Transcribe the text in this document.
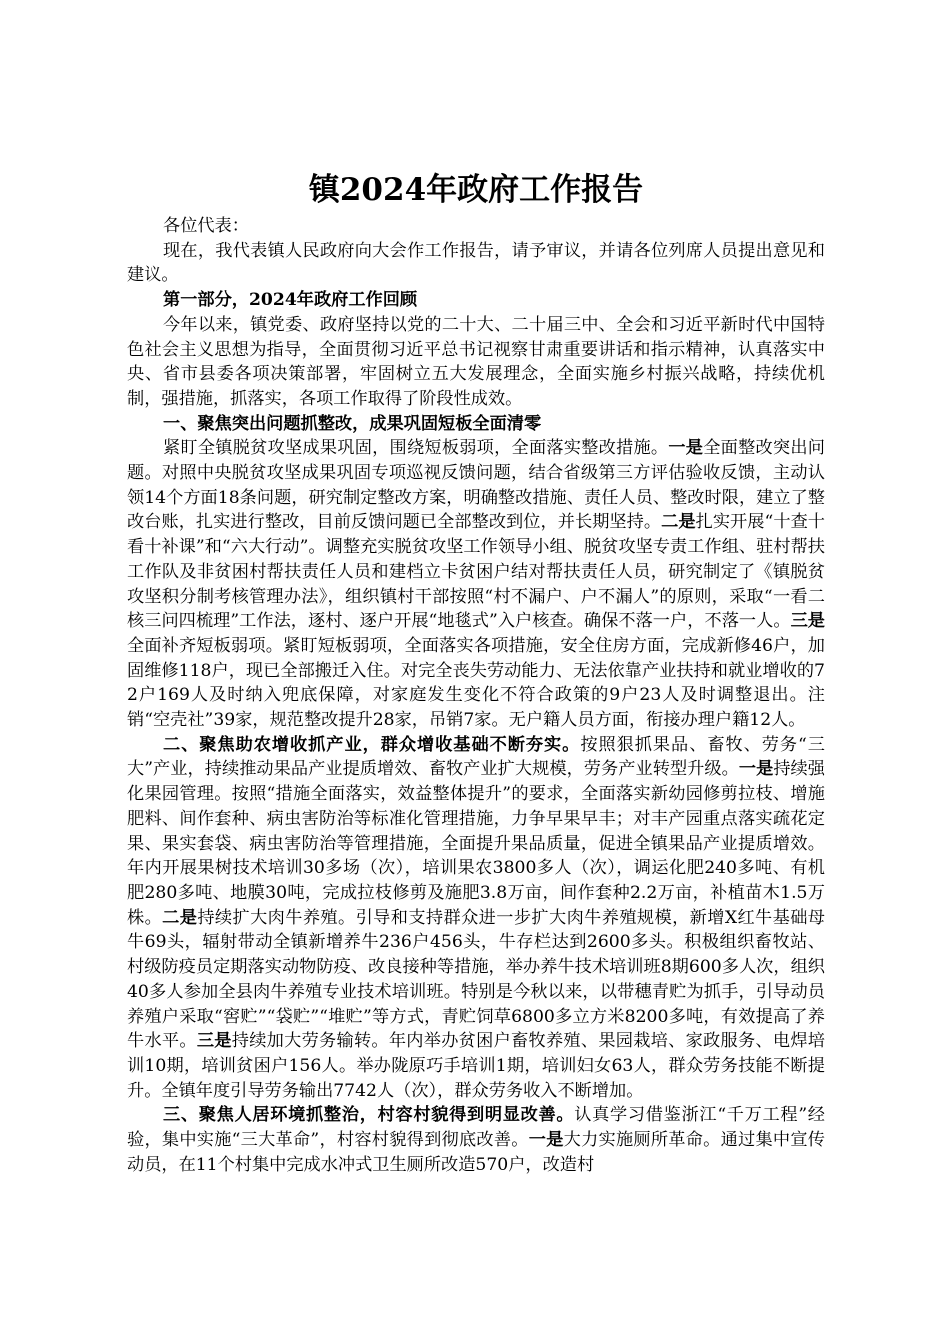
镇2024年政府工作报告

各位代表：

现在，我代表镇人民政府向大会作工作报告，请予审议，并请各位列席人员提出意见和建议。

第一部分，2024年政府工作回顾

今年以来，镇党委、政府坚持以党的二十大、二十届三中、全会和习近平新时代中国特色社会主义思想为指导，全面贯彻习近平总书记视察甘肃重要讲话和指示精神，认真落实中央、省市县委各项决策部署，牢固树立五大发展理念，全面实施乡村振兴战略，持续优机制，强措施，抓落实，各项工作取得了阶段性成效。

一、聚焦突出问题抓整改，成果巩固短板全面清零

紧盯全镇脱贫攻坚成果巩固，围绕短板弱项，全面落实整改措施。一是全面整改突出问题。对照中央脱贫攻坚成果巩固专项巡视反馈问题，结合省级第三方评估验收反馈，主动认领14个方面18条问题，研究制定整改方案，明确整改措施、责任人员、整改时限，建立了整改台账，扎实进行整改，目前反馈问题已全部整改到位，并长期坚持。二是扎实开展“十查十看十补课”和“六大行动”。调整充实脱贫攻坚工作领导小组、脱贫攻坚专责工作组、驻村帮扶工作队及非贫困村帮扶责任人员和建档立卡贫困户结对帮扶责任人员，研究制定了《镇脱贫攻坚积分制考核管理办法》，组织镇村干部按照“村不漏户、户不漏人”的原则，采取“一看二核三问四梳理”工作法，逐村、逐户开展“地毯式”入户核查。确保不落一户，不落一人。三是全面补齐短板弱项。紧盯短板弱项，全面落实各项措施，安全住房方面，完成新修46户，加固维修118户，现已全部搬迁入住。对完全丧失劳动能力、无法依靠产业扶持和就业增收的72户169人及时纳入兜底保障，对家庭发生变化不符合政策的9户23人及时调整退出。注销“空壳社”39家，规范整改提升28家，吊销7家。无户籍人员方面，衔接办理户籍12人。

二、聚焦助农增收抓产业，群众增收基础不断夯实。按照狠抓果品、畜牧、劳务“三大”产业，持续推动果品产业提质增效、畜牧产业扩大规模，劳务产业转型升级。一是持续强化果园管理。按照“措施全面落实，效益整体提升”的要求，全面落实新幼园修剪拉枝、增施肥料、间作套种、病虫害防治等标准化管理措施，力争早果早丰；对丰产园重点落实疏花定果、果实套袋、病虫害防治等管理措施，全面提升果品质量，促进全镇果品产业提质增效。年内开展果树技术培训30多场（次），培训果农3800多人（次），调运化肥240多吨、有机肥280多吨、地膜30吨，完成拉枝修剪及施肥3.8万亩，间作套种2.2万亩，补植苗木1.5万株。二是持续扩大肉牛养殖。引导和支持群众进一步扩大肉牛养殖规模，新增X红牛基础母牛69头，辐射带动全镇新增养牛236户456头，牛存栏达到2600多头。积极组织畜牧站、村级防疫员定期落实动物防疫、改良接种等措施，举办养牛技术培训班8期600多人次，组织40多人参加全县肉牛养殖专业技术培训班。特别是今秋以来，以带穗青贮为抓手，引导动员养殖户采取“窖贮”“袋贮”“堆贮”等方式，青贮饲草6800多立方米8200多吨，有效提高了养牛水平。三是持续加大劳务输转。年内举办贫困户畜牧养殖、果园栽培、家政服务、电焊培训10期，培训贫困户156人。举办陇原巧手培训1期，培训妇女63人，群众劳务技能不断提升。全镇年度引导劳务输出7742人（次），群众劳务收入不断增加。

三、聚焦人居环境抓整治，村容村貌得到明显改善。认真学习借鉴浙江“千万工程”经验，集中实施“三大革命”，村容村貌得到彻底改善。一是大力实施厕所革命。通过集中宣传动员，在11个村集中完成水冲式卫生厕所改造570户，改造村
